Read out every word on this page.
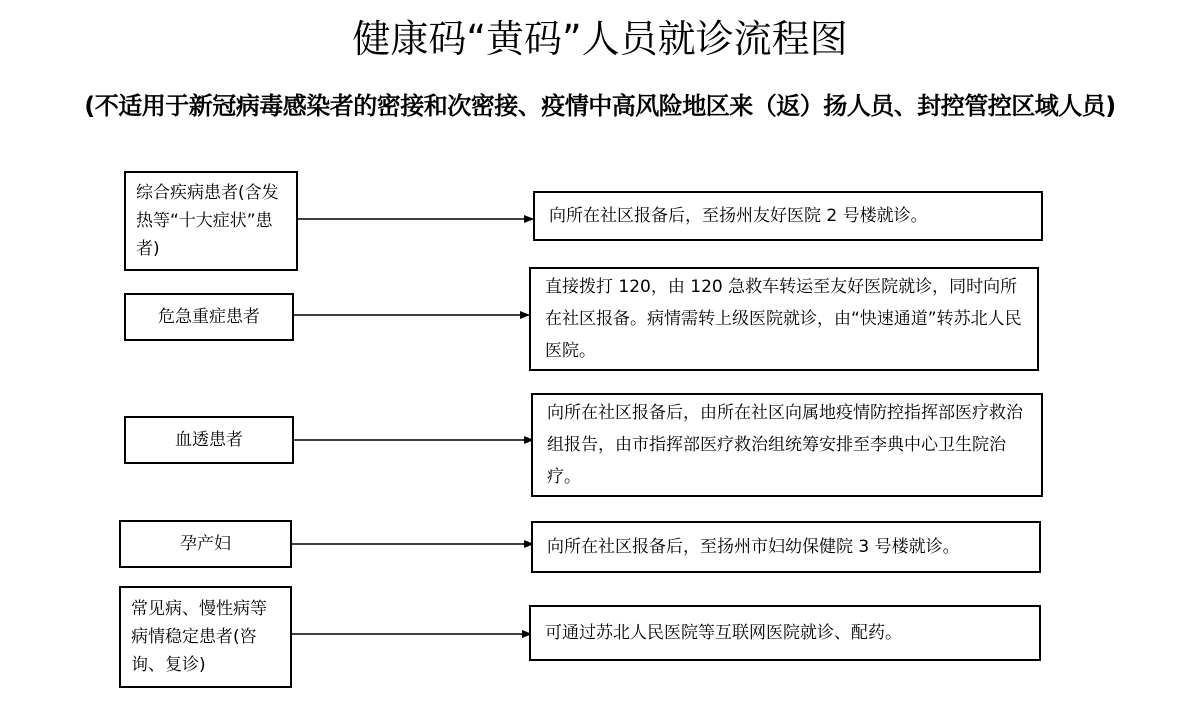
健康码“黄码”人员就诊流程图
(不适用于新冠病毒感染者的密接和次密接、疫情中高风险地区来（返）扬人员、封控管控区域人员)
综合疾病患者(含发热等“十大症状”患者)
向所在社区报备后，至扬州友好医院 2 号楼就诊。
危急重症患者
直接拨打 120，由 120 急救车转运至友好医院就诊，同时向所在社区报备。病情需转上级医院就诊，由“快速通道”转苏北人民医院。
血透患者
向所在社区报备后，由所在社区向属地疫情防控指挥部医疗救治组报告，由市指挥部医疗救治组统筹安排至李典中心卫生院治疗。
孕产妇	向所在社区报备后，至扬州市妇幼保健院 3 号楼就诊。
常见病、慢性病等病情稳定患者(咨询、复诊)
可通过苏北人民医院等互联网医院就诊、配药。
